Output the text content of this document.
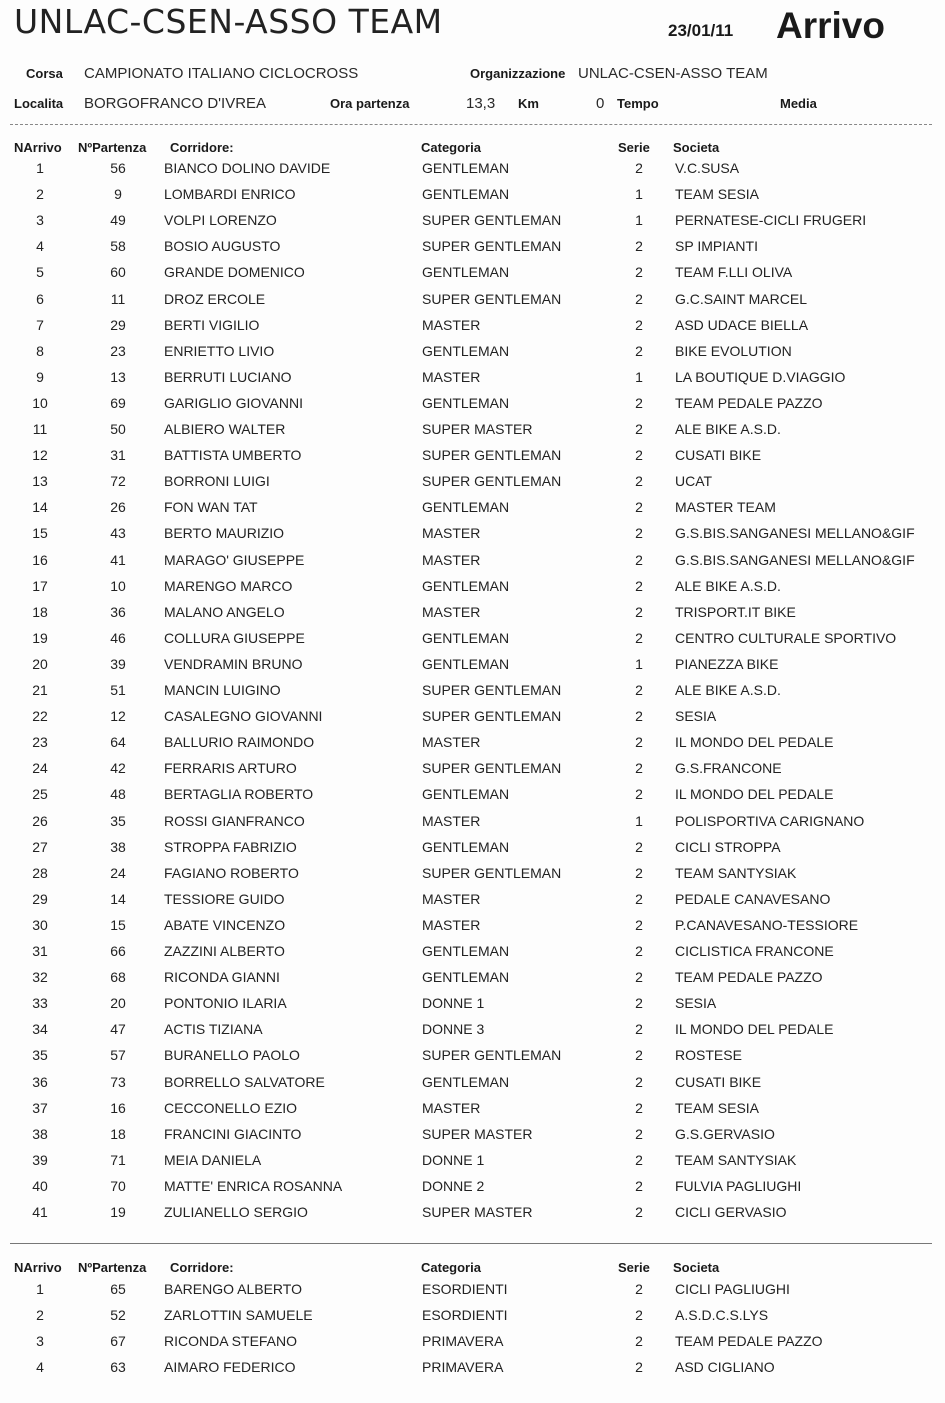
UNLAC-CSEN-ASSO TEAM	23/01/11 Arrivo
Corsa CAMPIONATO ITALIANO CICLOCROSS	Organizzazione UNLAC-CSEN-ASSO TEAM
Localita BORGOFRANCO D'IVREA	Ora partenza	13,3 Km	0 Tempo	Media
NArrivo NºPartenza Corridore:	Categoria	Serie Societa
1	56	BIANCO DOLINO DAVIDE	GENTLEMAN	2	V.C.SUSA
2	9	LOMBARDI ENRICO	GENTLEMAN	1	TEAM SESIA
3	49	VOLPI LORENZO	SUPER GENTLEMAN	1	PERNATESE-CICLI FRUGERI
4	58	BOSIO AUGUSTO	SUPER GENTLEMAN	2	SP IMPIANTI
5	60	GRANDE DOMENICO	GENTLEMAN	2	TEAM F.LLI OLIVA
6	11	DROZ ERCOLE	SUPER GENTLEMAN	2	G.C.SAINT MARCEL
7	29	BERTI VIGILIO	MASTER	2	ASD UDACE BIELLA
8	23	ENRIETTO LIVIO	GENTLEMAN	2	BIKE EVOLUTION
9	13	BERRUTI LUCIANO	MASTER	1	LA BOUTIQUE D.VIAGGIO
10	69	GARIGLIO GIOVANNI	GENTLEMAN	2	TEAM PEDALE PAZZO
11	50	ALBIERO WALTER	SUPER MASTER	2	ALE BIKE A.S.D.
12	31	BATTISTA UMBERTO	SUPER GENTLEMAN	2	CUSATI BIKE
13	72	BORRONI LUIGI	SUPER GENTLEMAN	2	UCAT
14	26	FON WAN TAT	GENTLEMAN	2	MASTER TEAM
15	43	BERTO MAURIZIO	MASTER	2	G.S.BIS.SANGANESI MELLANO&GIF
16	41	MARAGO' GIUSEPPE	MASTER	2	G.S.BIS.SANGANESI MELLANO&GIF
17	10	MARENGO MARCO	GENTLEMAN	2	ALE BIKE A.S.D.
18	36	MALANO ANGELO	MASTER	2	TRISPORT.IT BIKE
19	46	COLLURA GIUSEPPE	GENTLEMAN	2	CENTRO CULTURALE SPORTIVO
20	39	VENDRAMIN BRUNO	GENTLEMAN	1	PIANEZZA BIKE
21	51	MANCIN LUIGINO	SUPER GENTLEMAN	2	ALE BIKE A.S.D.
22	12	CASALEGNO GIOVANNI	SUPER GENTLEMAN	2	SESIA
23	64	BALLURIO RAIMONDO	MASTER	2	IL MONDO DEL PEDALE
24	42	FERRARIS ARTURO	SUPER GENTLEMAN	2	G.S.FRANCONE
25	48	BERTAGLIA ROBERTO	GENTLEMAN	2	IL MONDO DEL PEDALE
26	35	ROSSI GIANFRANCO	MASTER	1	POLISPORTIVA CARIGNANO
27	38	STROPPA FABRIZIO	GENTLEMAN	2	CICLI STROPPA
28	24	FAGIANO ROBERTO	SUPER GENTLEMAN	2	TEAM SANTYSIAK
29	14	TESSIORE GUIDO	MASTER	2	PEDALE CANAVESANO
30	15	ABATE VINCENZO	MASTER	2	P.CANAVESANO-TESSIORE
31	66	ZAZZINI ALBERTO	GENTLEMAN	2	CICLISTICA FRANCONE
32	68	RICONDA GIANNI	GENTLEMAN	2	TEAM PEDALE PAZZO
33	20	PONTONIO ILARIA	DONNE 1	2	SESIA
34	47	ACTIS TIZIANA	DONNE 3	2	IL MONDO DEL PEDALE
35	57	BURANELLO PAOLO	SUPER GENTLEMAN	2	ROSTESE
36	73	BORRELLO SALVATORE	GENTLEMAN	2	CUSATI BIKE
37	16	CECCONELLO EZIO	MASTER	2	TEAM SESIA
38	18	FRANCINI GIACINTO	SUPER MASTER	2	G.S.GERVASIO
39	71	MEIA DANIELA	DONNE 1	2	TEAM SANTYSIAK
40	70	MATTE' ENRICA ROSANNA	DONNE 2	2	FULVIA PAGLIUGHI
41	19	ZULIANELLO SERGIO	SUPER MASTER	2	CICLI GERVASIO
NArrivo NºPartenza Corridore:	Categoria	Serie Societa
1	65	BARENGO ALBERTO	ESORDIENTI	2	CICLI PAGLIUGHI
2	52	ZARLOTTIN SAMUELE	ESORDIENTI	2	A.S.D.C.S.LYS
3	67	RICONDA STEFANO	PRIMAVERA	2	TEAM PEDALE PAZZO
4	63	AIMARO FEDERICO	PRIMAVERA	2	ASD CIGLIANO
